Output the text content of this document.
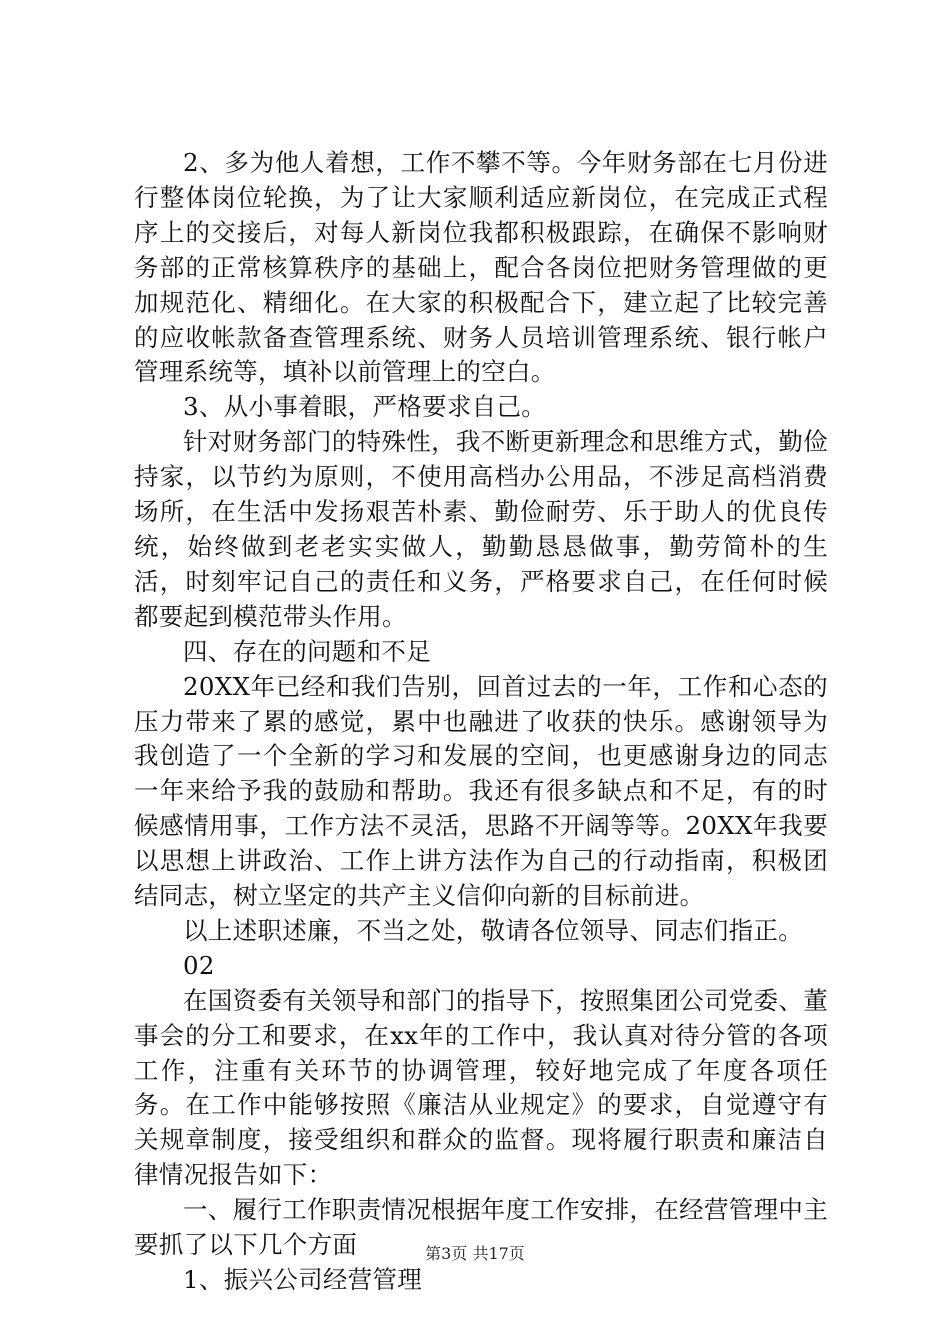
2、多为他人着想，工作不攀不等。今年财务部在七月份进行整体岗位轮换，为了让大家顺利适应新岗位，在完成正式程序上的交接后，对每人新岗位我都积极跟踪，在确保不影响财务部的正常核算秩序的基础上，配合各岗位把财务管理做的更加规范化、精细化。在大家的积极配合下，建立起了比较完善的应收帐款备查管理系统、财务人员培训管理系统、银行帐户管理系统等，填补以前管理上的空白。

3、从小事着眼，严格要求自己。

针对财务部门的特殊性，我不断更新理念和思维方式，勤俭持家，以节约为原则，不使用高档办公用品，不涉足高档消费场所，在生活中发扬艰苦朴素、勤俭耐劳、乐于助人的优良传统，始终做到老老实实做人，勤勤恳恳做事，勤劳简朴的生活，时刻牢记自己的责任和义务，严格要求自己，在任何时候都要起到模范带头作用。

四、存在的问题和不足

20XX年已经和我们告别，回首过去的一年，工作和心态的压力带来了累的感觉，累中也融进了收获的快乐。感谢领导为我创造了一个全新的学习和发展的空间，也更感谢身边的同志一年来给予我的鼓励和帮助。我还有很多缺点和不足，有的时候感情用事，工作方法不灵活，思路不开阔等等。20XX年我要以思想上讲政治、工作上讲方法作为自己的行动指南，积极团结同志，树立坚定的共产主义信仰向新的目标前进。

以上述职述廉，不当之处，敬请各位领导、同志们指正。

02

在国资委有关领导和部门的指导下，按照集团公司党委、董事会的分工和要求，在xx年的工作中，我认真对待分管的各项工作，注重有关环节的协调管理，较好地完成了年度各项任务。在工作中能够按照《廉洁从业规定》的要求，自觉遵守有关规章制度，接受组织和群众的监督。现将履行职责和廉洁自律情况报告如下：

一、履行工作职责情况根据年度工作安排，在经营管理中主要抓了以下几个方面

1、振兴公司经营管理

第3页 共17页
